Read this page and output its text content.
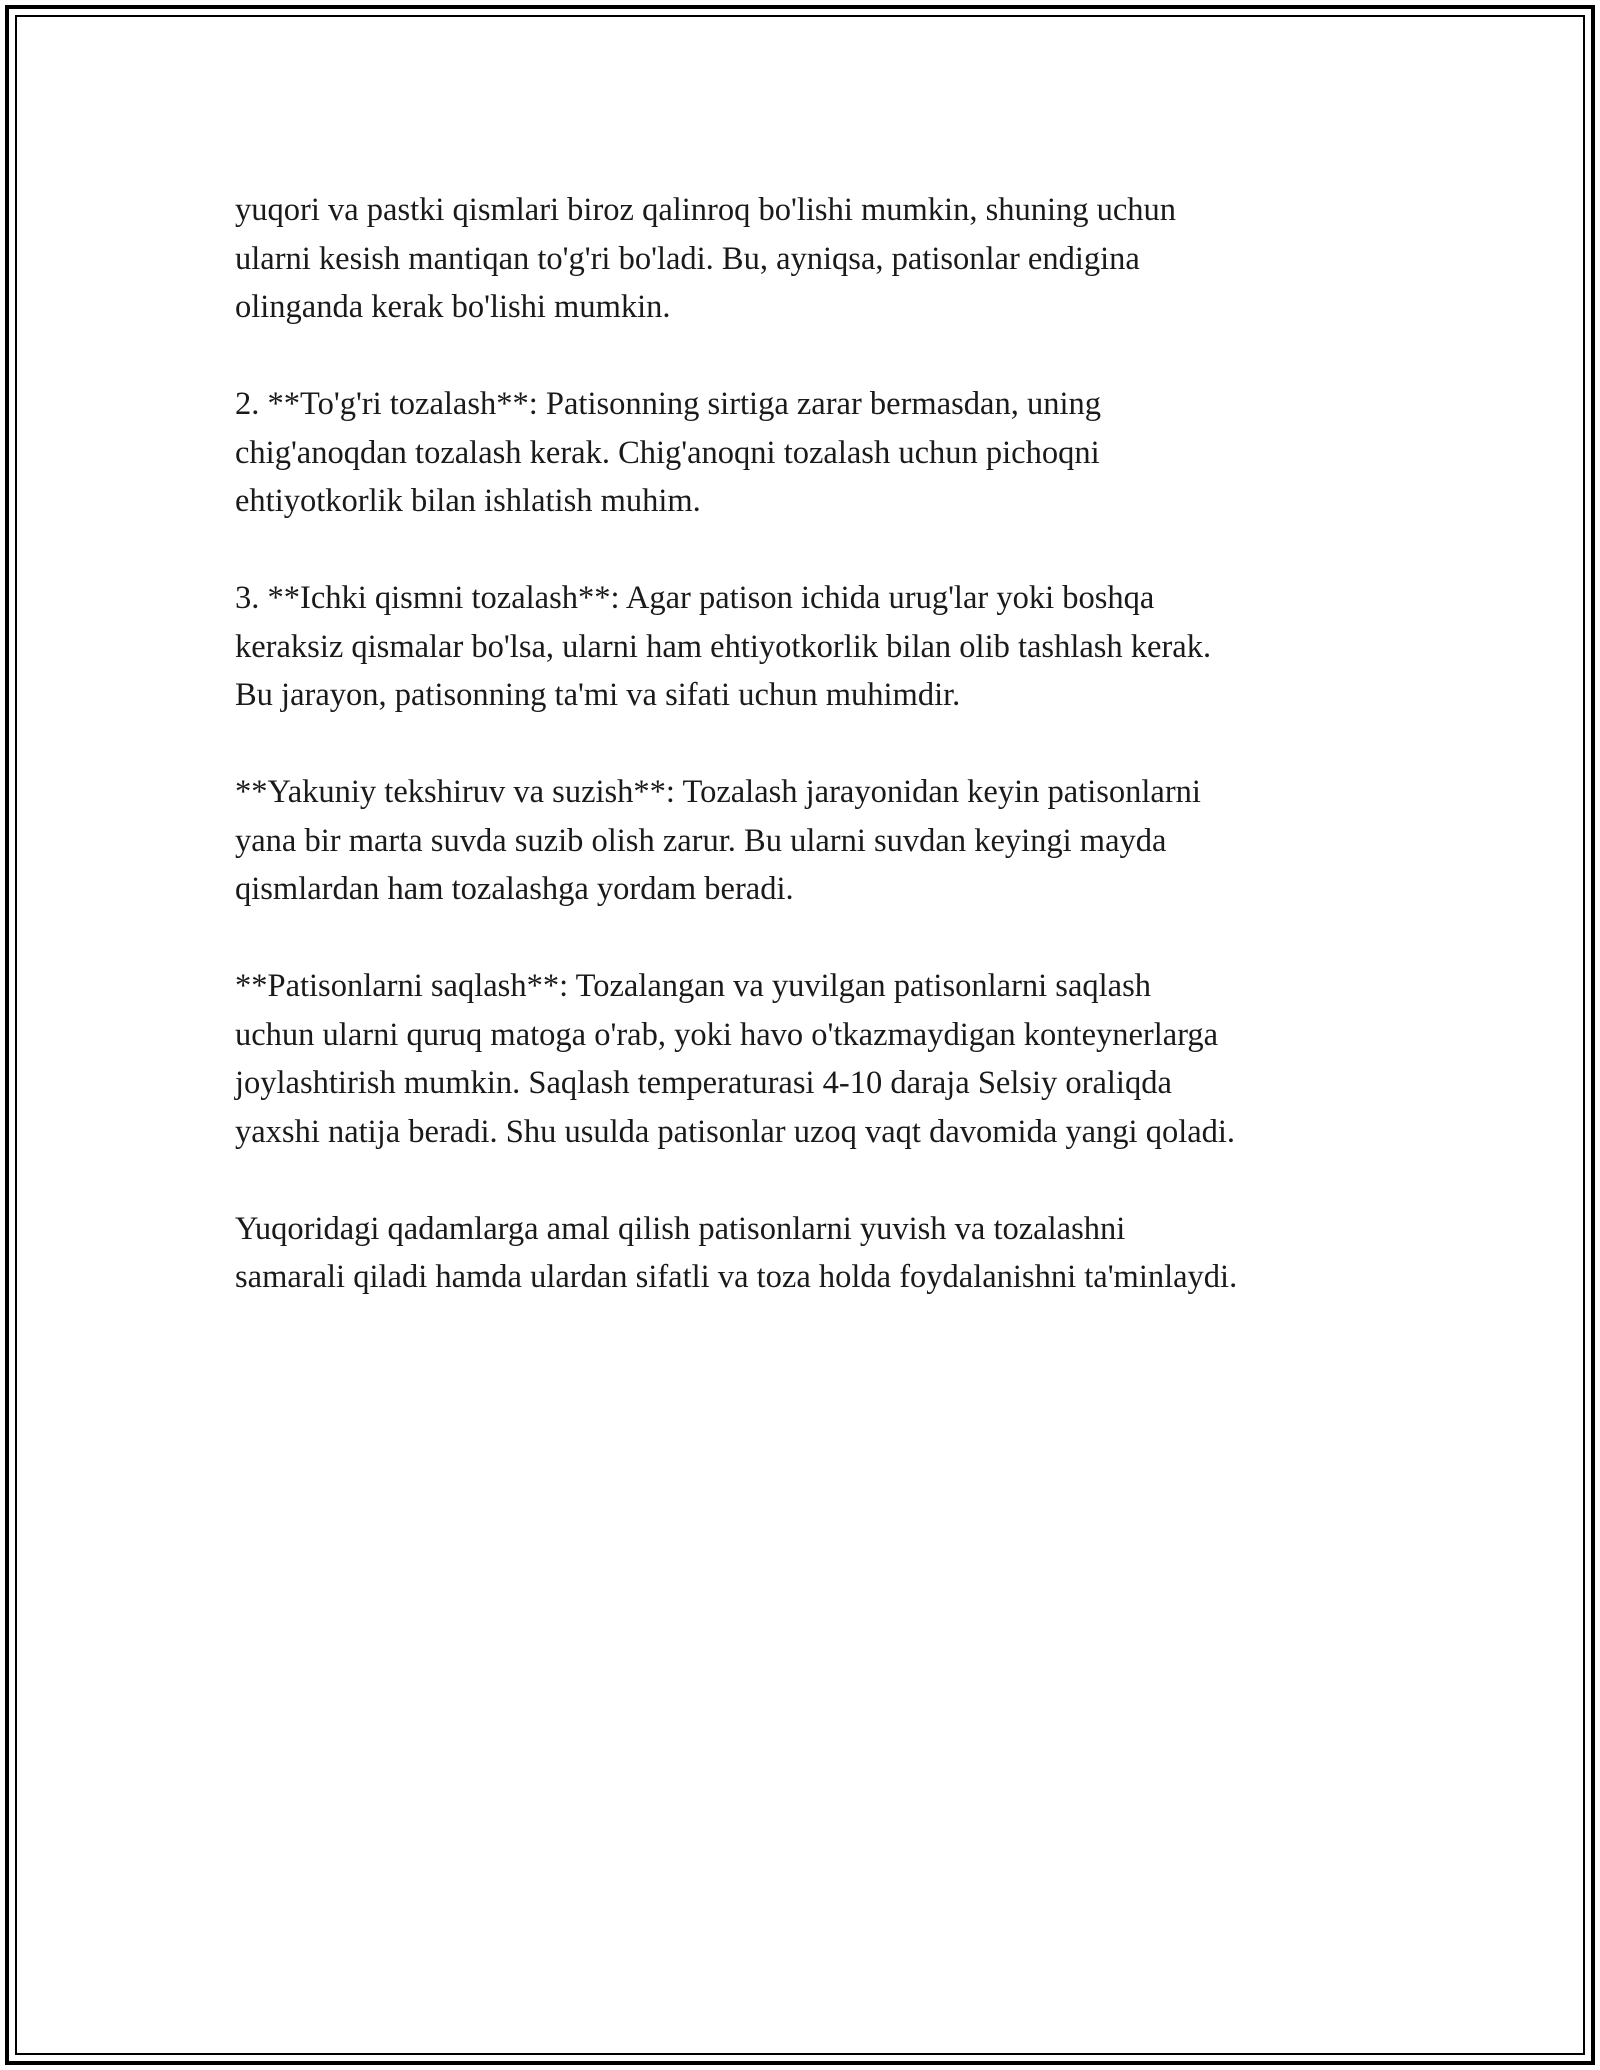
yuqori va pastki qismlari biroz qalinroq bo'lishi mumkin, shuning uchun
ularni kesish mantiqan to'g'ri bo'ladi. Bu, ayniqsa, patisonlar endigina
olinganda kerak bo'lishi mumkin.

2. **To'g'ri tozalash**: Patisonning sirtiga zarar bermasdan, uning
chig'anoqdan tozalash kerak. Chig'anoqni tozalash uchun pichoqni
ehtiyotkorlik bilan ishlatish muhim.

3. **Ichki qismni tozalash**: Agar patison ichida urug'lar yoki boshqa
keraksiz qismalar bo'lsa, ularni ham ehtiyotkorlik bilan olib tashlash kerak.
Bu jarayon, patisonning ta'mi va sifati uchun muhimdir.

**Yakuniy tekshiruv va suzish**: Tozalash jarayonidan keyin patisonlarni
yana bir marta suvda suzib olish zarur. Bu ularni suvdan keyingi mayda
qismlardan ham tozalashga yordam beradi.

**Patisonlarni saqlash**: Tozalangan va yuvilgan patisonlarni saqlash
uchun ularni quruq matoga o'rab, yoki havo o'tkazmaydigan konteynerlarga
joylashtirish mumkin. Saqlash temperaturasi 4-10 daraja Selsiy oraliqda
yaxshi natija beradi. Shu usulda patisonlar uzoq vaqt davomida yangi qoladi.

Yuqoridagi qadamlarga amal qilish patisonlarni yuvish va tozalashni
samarali qiladi hamda ulardan sifatli va toza holda foydalanishni ta'minlaydi.
